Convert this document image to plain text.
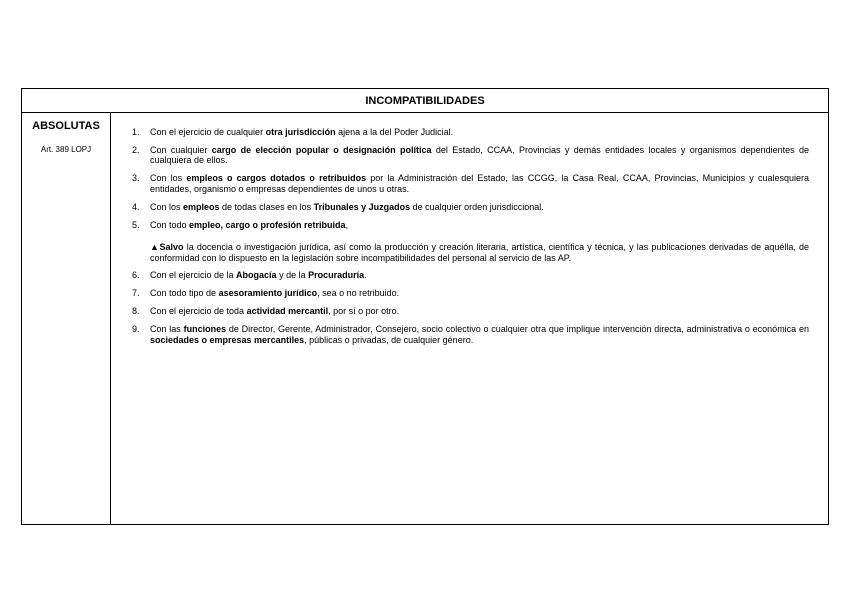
INCOMPATIBILIDADES
ABSOLUTAS
Art. 389 LOPJ
1. Con el ejercicio de cualquier otra jurisdicción ajena a la del Poder Judicial.
2. Con cualquier cargo de elección popular o designación política del Estado, CCAA, Provincias y demás entidades locales y organismos dependientes de cualquiera de ellos.
3. Con los empleos o cargos dotados o retribuidos por la Administración del Estado, las CCGG, la Casa Real, CCAA, Provincias, Municipios y cualesquiera entidades, organismo o empresas dependientes de unos u otras.
4. Con los empleos de todas clases en los Tribunales y Juzgados de cualquier orden jurisdiccional.
5. Con todo empleo, cargo o profesión retribuida,
▲Salvo la docencia o investigación jurídica, así como la producción y creación literaria, artística, científica y técnica, y las publicaciones derivadas de aquélla, de conformidad con lo dispuesto en la legislación sobre incompatibilidades del personal al servicio de las AP.
6. Con el ejercicio de la Abogacía y de la Procuraduría.
7. Con todo tipo de asesoramiento jurídico, sea o no retribuido.
8. Con el ejercicio de toda actividad mercantil, por sí o por otro.
9. Con las funciones de Director, Gerente, Administrador, Consejero, socio colectivo o cualquier otra que implique intervención directa, administrativa o económica en sociedades o empresas mercantiles, públicas o privadas, de cualquier género.
